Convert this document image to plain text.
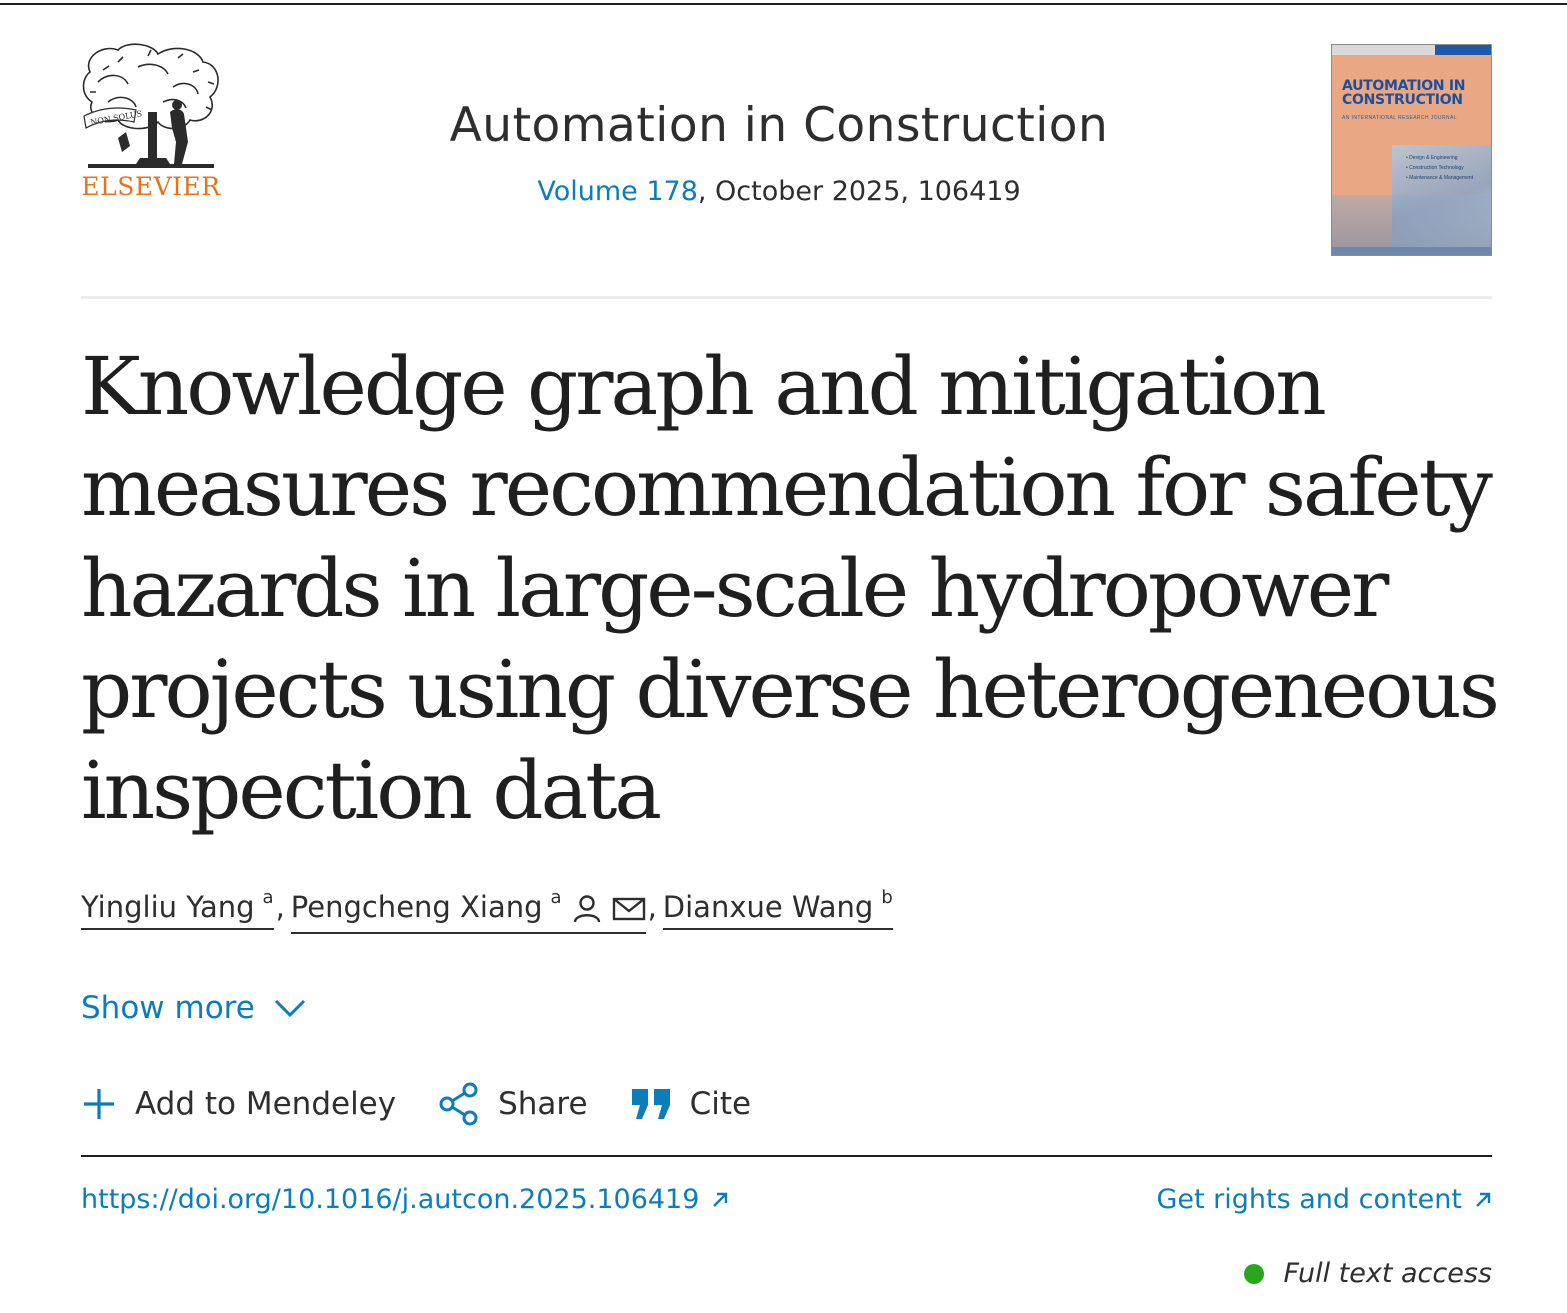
NON SOLUS
ELSEVIER
Automation in Construction
Volume 178, October 2025, 106419
AUTOMATION IN
CONSTRUCTION
AN INTERNATIONAL RESEARCH JOURNAL
• Design & Engineering
• Construction Technology
• Maintenance & Management
Knowledge graph and mitigation measures recommendation for safety hazards in large-scale hydropower projects using diverse heterogeneous inspection data
Yingliu Yang $^a$ , Pengcheng Xiang $^a$	, Dianxue Wang $^b$
Show more
Add to Mendeley	Share	Cite
https://doi.org/10.1016/j.autcon.2025.106419	Get rights and content
Full text access
